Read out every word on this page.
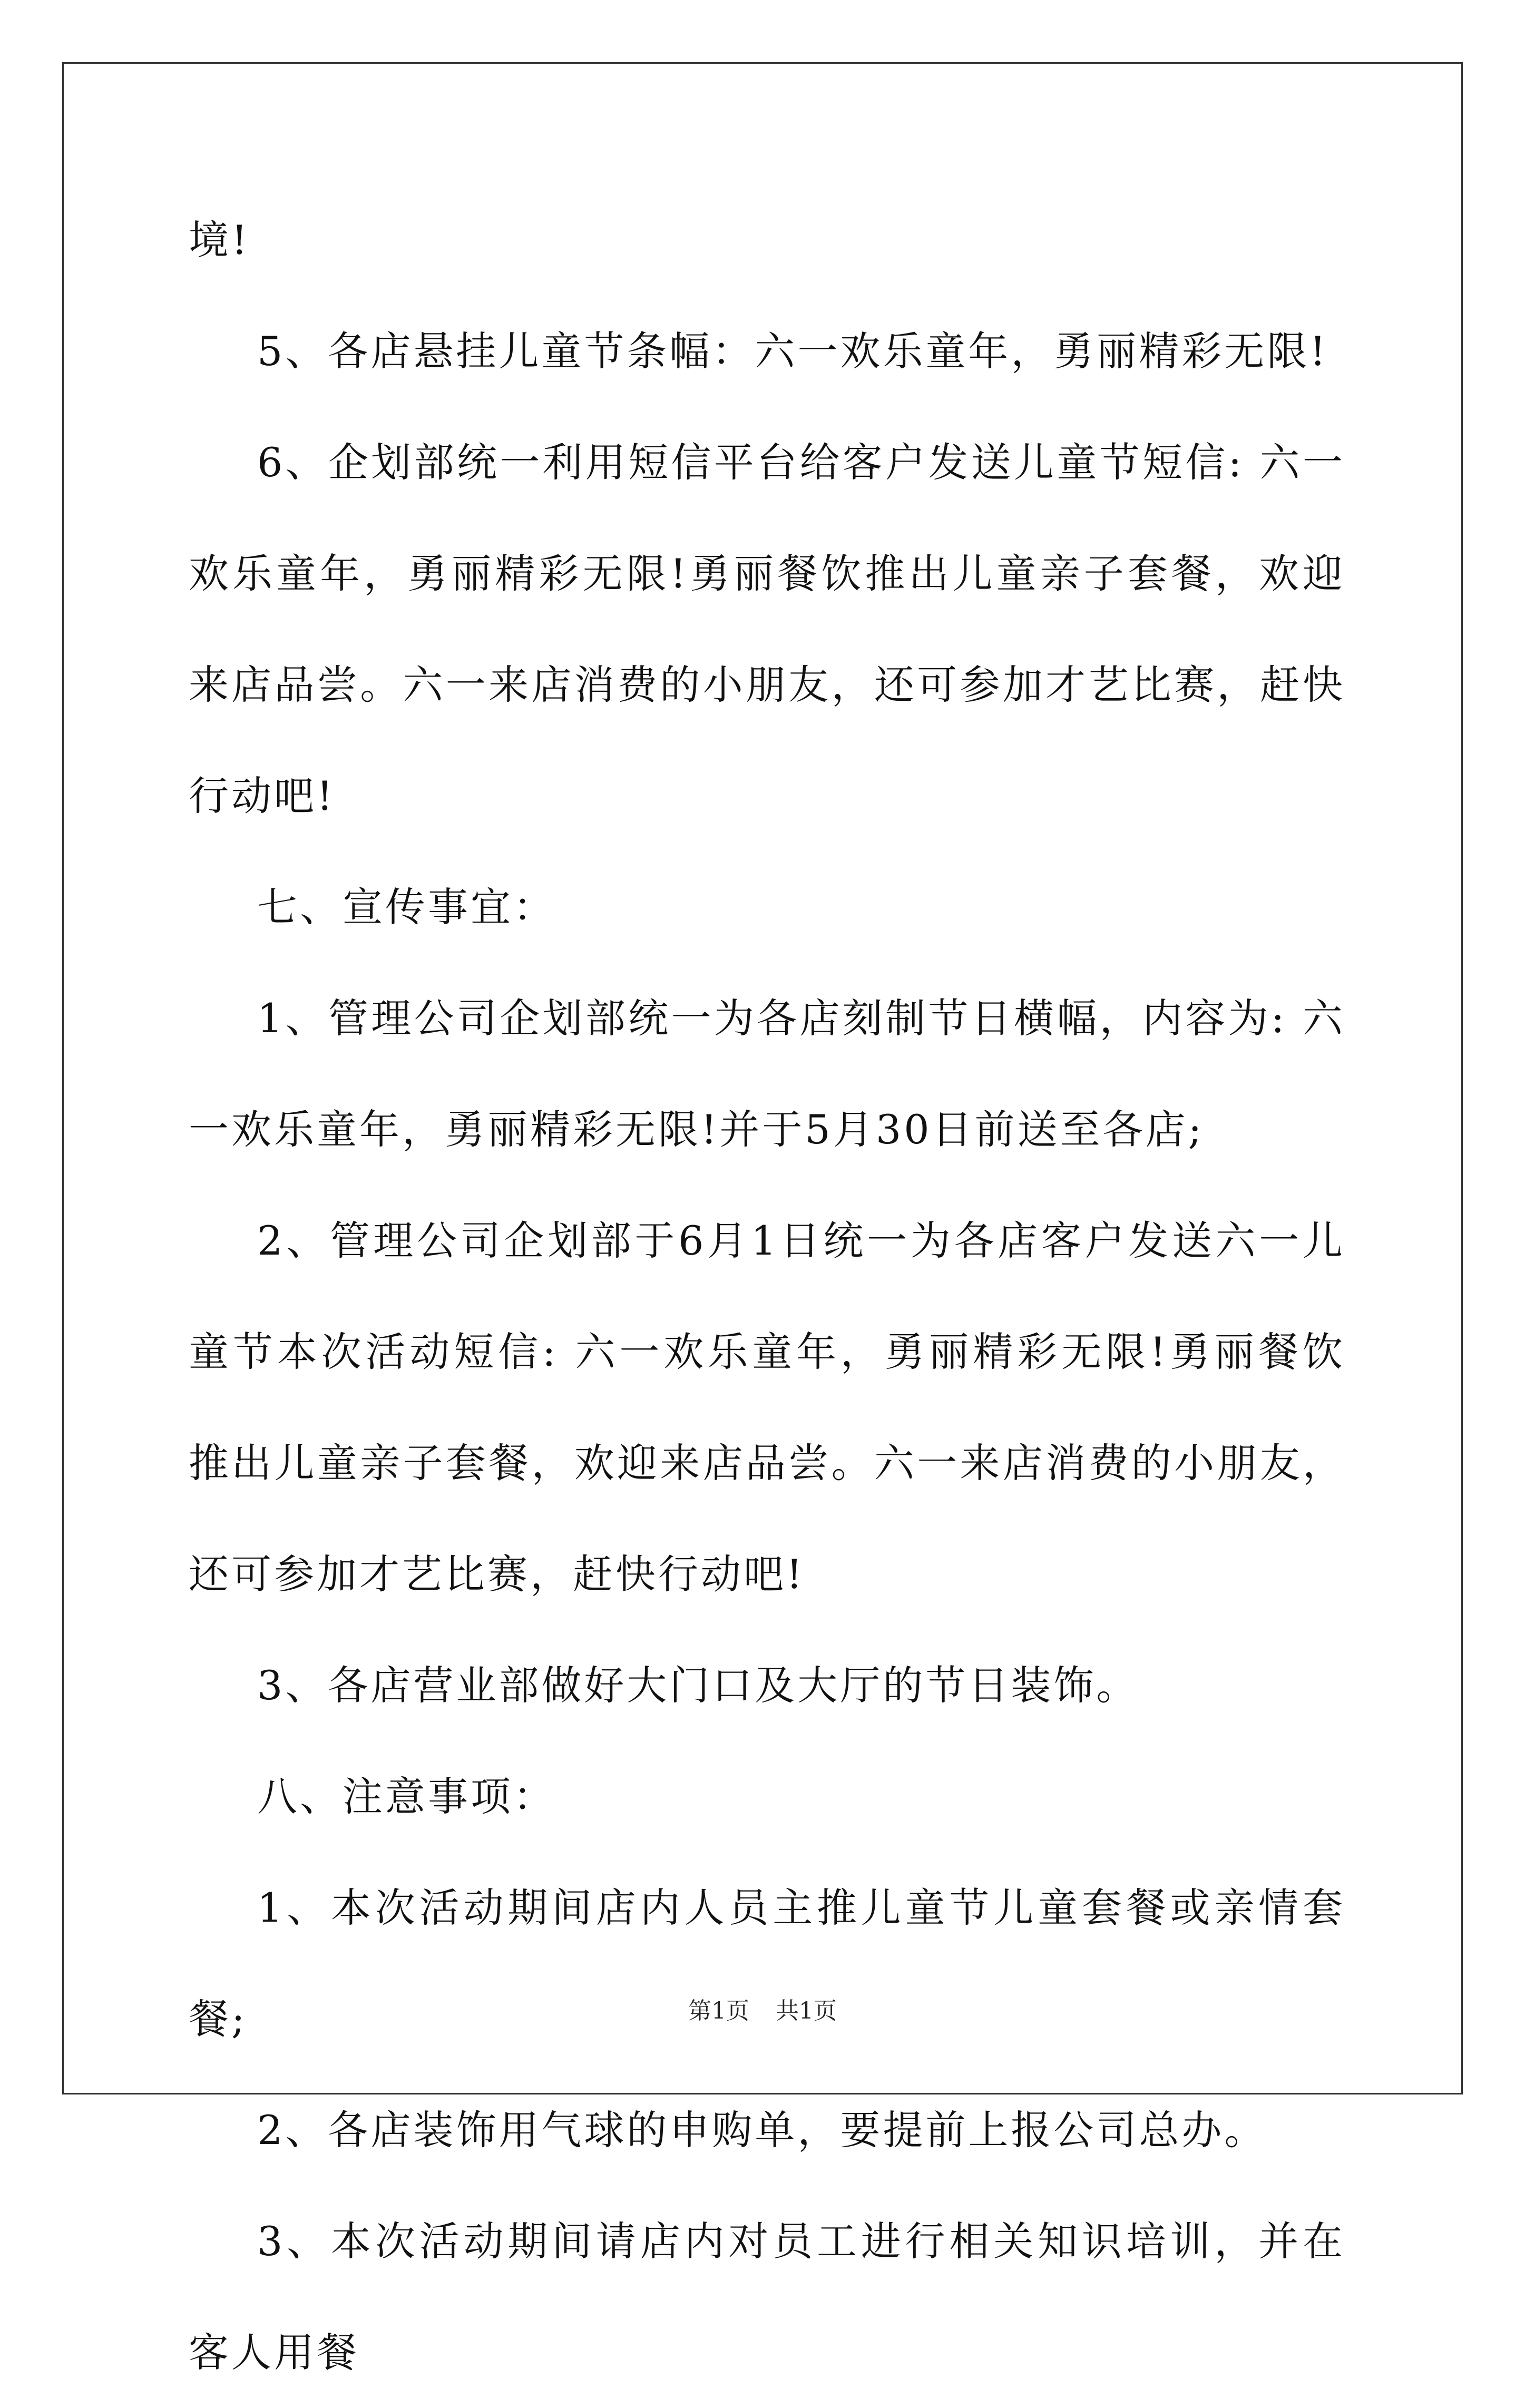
境!

5、各店悬挂儿童节条幅：六一欢乐童年，勇丽精彩无限!

6、企划部统一利用短信平台给客户发送儿童节短信: 六一欢乐童年，勇丽精彩无限!勇丽餐饮推出儿童亲子套餐，欢迎来店品尝。六一来店消费的小朋友，还可参加才艺比赛，赶快行动吧!

七、宣传事宜：

1、管理公司企划部统一为各店刻制节日横幅，内容为: 六一欢乐童年，勇丽精彩无限!并于5月30日前送至各店;

2、管理公司企划部于6月1日统一为各店客户发送六一儿童节本次活动短信: 六一欢乐童年，勇丽精彩无限!勇丽餐饮推出儿童亲子套餐，欢迎来店品尝。六一来店消费的小朋友，还可参加才艺比赛，赶快行动吧!

3、各店营业部做好大门口及大厅的节日装饰。

八、注意事项：

1、本次活动期间店内人员主推儿童节儿童套餐或亲情套餐;

2、各店装饰用气球的申购单，要提前上报公司总办。

3、本次活动期间请店内对员工进行相关知识培训，并在客人用餐

第1页 共1页
